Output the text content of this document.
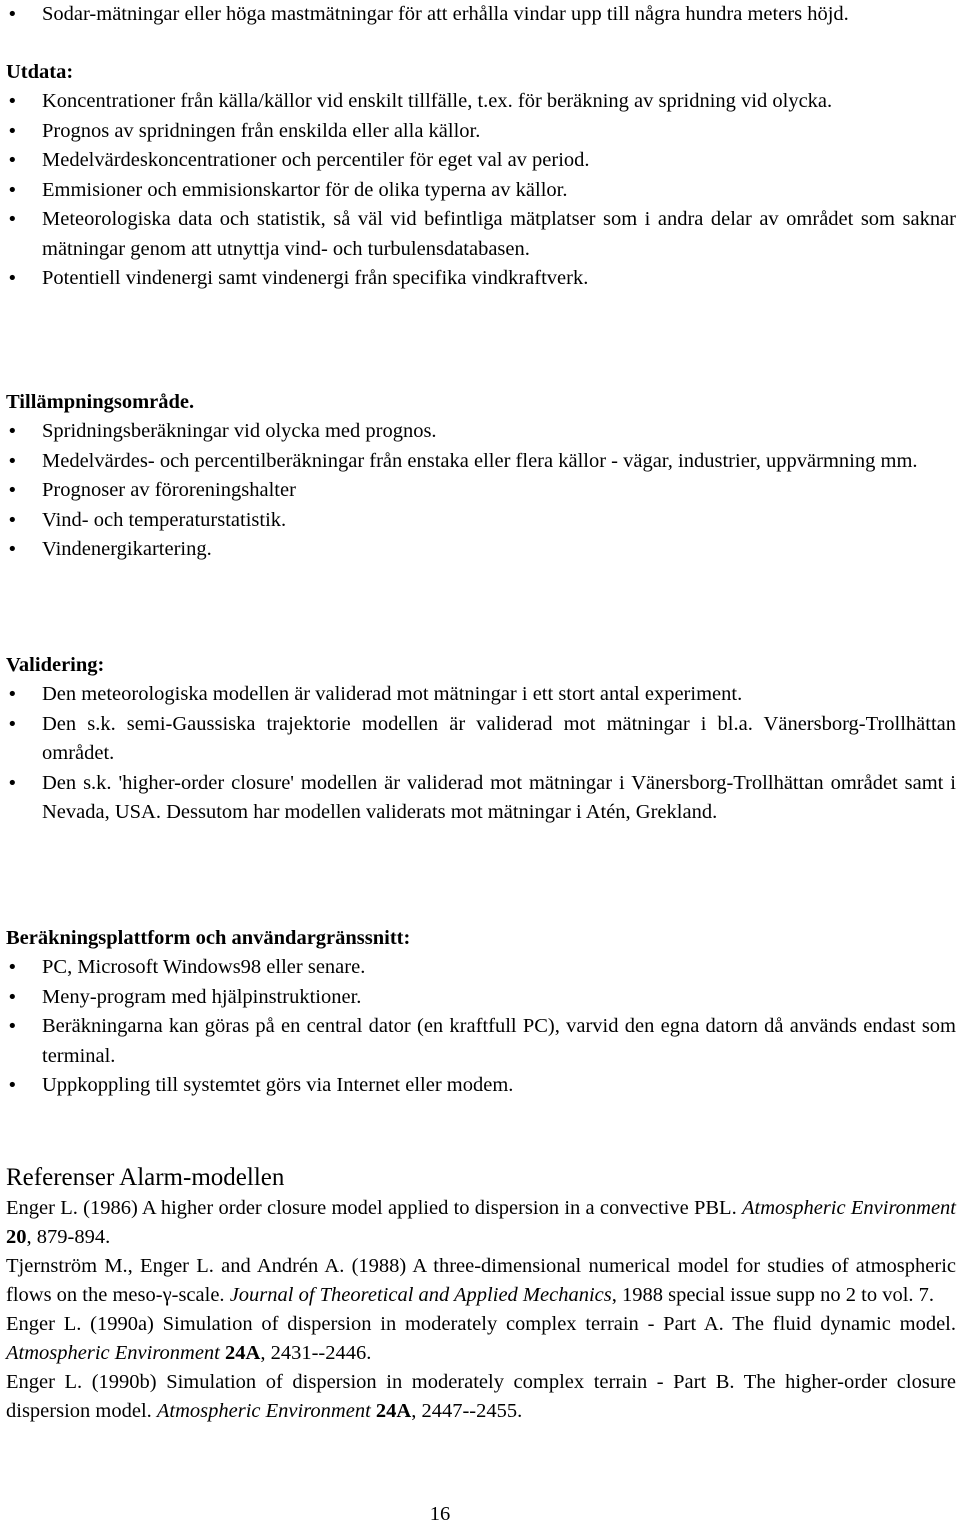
•	Sodar-mätningar eller höga mastmätningar för att erhålla vindar upp till några hundra meters höjd.

Utdata:

•	Koncentrationer från källa/källor vid enskilt tillfälle, t.ex. för beräkning av spridning vid olycka.
•	Prognos av spridningen från enskilda eller alla källor.
•	Medelvärdeskoncentrationer och percentiler för eget val av period.
•	Emmisioner och emmisionskartor för de olika typerna av källor.
•	Meteorologiska data och statistik, så väl vid befintliga mätplatser som i andra delar av området som saknar mätningar genom att utnyttja vind- och turbulensdatabasen.
•	Potentiell vindenergi samt vindenergi från specifika vindkraftverk.

Tillämpningsområde.

•	Spridningsberäkningar vid olycka med prognos.
•	Medelvärdes- och percentilberäkningar från enstaka eller flera källor - vägar, industrier, uppvärmning mm.
•	Prognoser av föroreningshalter
•	Vind- och temperaturstatistik.
•	Vindenergikartering.

Validering:

•	Den meteorologiska modellen är validerad mot mätningar i ett stort antal experiment.
•	Den s.k. semi-Gaussiska trajektorie modellen är validerad mot mätningar i bl.a. Vänersborg-Trollhättan området.
•	Den s.k. 'higher-order closure' modellen är validerad mot mätningar i Vänersborg-Trollhättan området samt i Nevada, USA. Dessutom har modellen validerats mot mätningar i Atén, Grekland.

Beräkningsplattform och användargränssnitt:

•	PC, Microsoft Windows98 eller senare.
•	Meny-program med hjälpinstruktioner.
•	Beräkningarna kan göras på en central dator (en kraftfull PC), varvid den egna datorn då används endast som terminal.
•	Uppkoppling till systemtet görs via Internet eller modem.

Referenser Alarm-modellen

Enger L. (1986) A higher order closure model applied to dispersion in a convective PBL. Atmospheric Environment 20, 879-894.

Tjernström M., Enger L. and Andrén A. (1988) A three-dimensional numerical model for studies of atmospheric flows on the meso-γ-scale. Journal of Theoretical and Applied Mechanics, 1988 special issue supp no 2 to vol. 7.

Enger L. (1990a) Simulation of dispersion in moderately complex terrain - Part A. The fluid dynamic model. Atmospheric Environment 24A, 2431--2446.

Enger L. (1990b) Simulation of dispersion in moderately complex terrain - Part B. The higher-order closure dispersion model. Atmospheric Environment 24A, 2447--2455.

16
